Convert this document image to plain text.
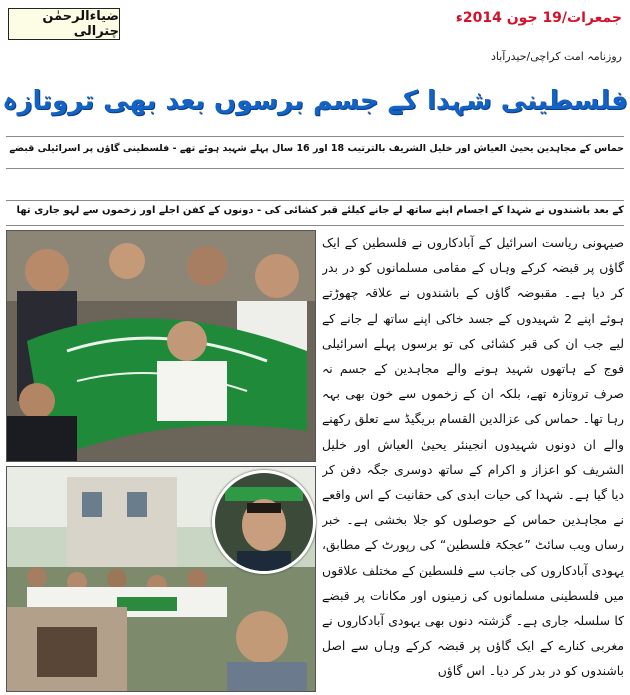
ضیاءالرحمٰن چترالی
جمعرات/19 جون 2014ء
روزنامہ امت کراچی/حیدرآباد
فلسطینی شہدا کے جسم برسوں بعد بھی تروتازہ
حماس کے مجاہدین یحییٰ العیاش اور خلیل الشریف بالترتیب 18 اور 16 سال پہلے شہید ہوئے تھے - فلسطینی گاؤں پر اسرائیلی قبضے
کے بعد باشندوں نے شہدا کے اجسام اپنے ساتھ لے جانے کیلئے قبر کشائی کی - دونوں کے کفن اجلے اور زخموں سے لہو جاری تھا

صیہونی ریاست اسرائیل کے آبادکاروں نے فلسطین کے ایک گاؤں پر قبضہ کرکے وہاں کے مقامی مسلمانوں کو در بدر کر دیا ہے۔ مقبوضہ گاؤں کے باشندوں نے علاقہ چھوڑتے ہوئے اپنے 2 شہیدوں کے جسد خاکی اپنے ساتھ لے جانے کے لیے جب ان کی قبر کشائی کی تو برسوں پہلے اسرائیلی فوج کے ہاتھوں شہید ہونے والے مجاہدین کے جسم نہ صرف تروتازہ تھے، بلکہ ان کے زخموں سے خون بھی بہہ رہا تھا۔ حماس کی عزالدین القسام بریگیڈ سے تعلق رکھنے والے ان دونوں شہیدوں انجینئر یحییٰ العیاش اور خلیل الشریف کو اعزاز و اکرام کے ساتھ دوسری جگہ دفن کر دیا گیا ہے۔ شہدا کی حیات ابدی کی حقانیت کے اس واقعے نے مجاہدین حماس کے حوصلوں کو جلا بخشی ہے۔ خبر رساں ویب سائٹ ”عجکۃ فلسطین“ کی رپورٹ کے مطابق، یہودی آبادکاروں کی جانب سے فلسطین کے مختلف علاقوں میں فلسطینی مسلمانوں کی زمینوں اور مکانات پر قبضے کا سلسلہ جاری ہے۔ گزشتہ دنوں بھی یہودی آبادکاروں نے مغربی کنارے کے ایک گاؤں پر قبضہ کرکے وہاں سے اصل باشندوں کو در بدر کر دیا۔ اس گاؤں
